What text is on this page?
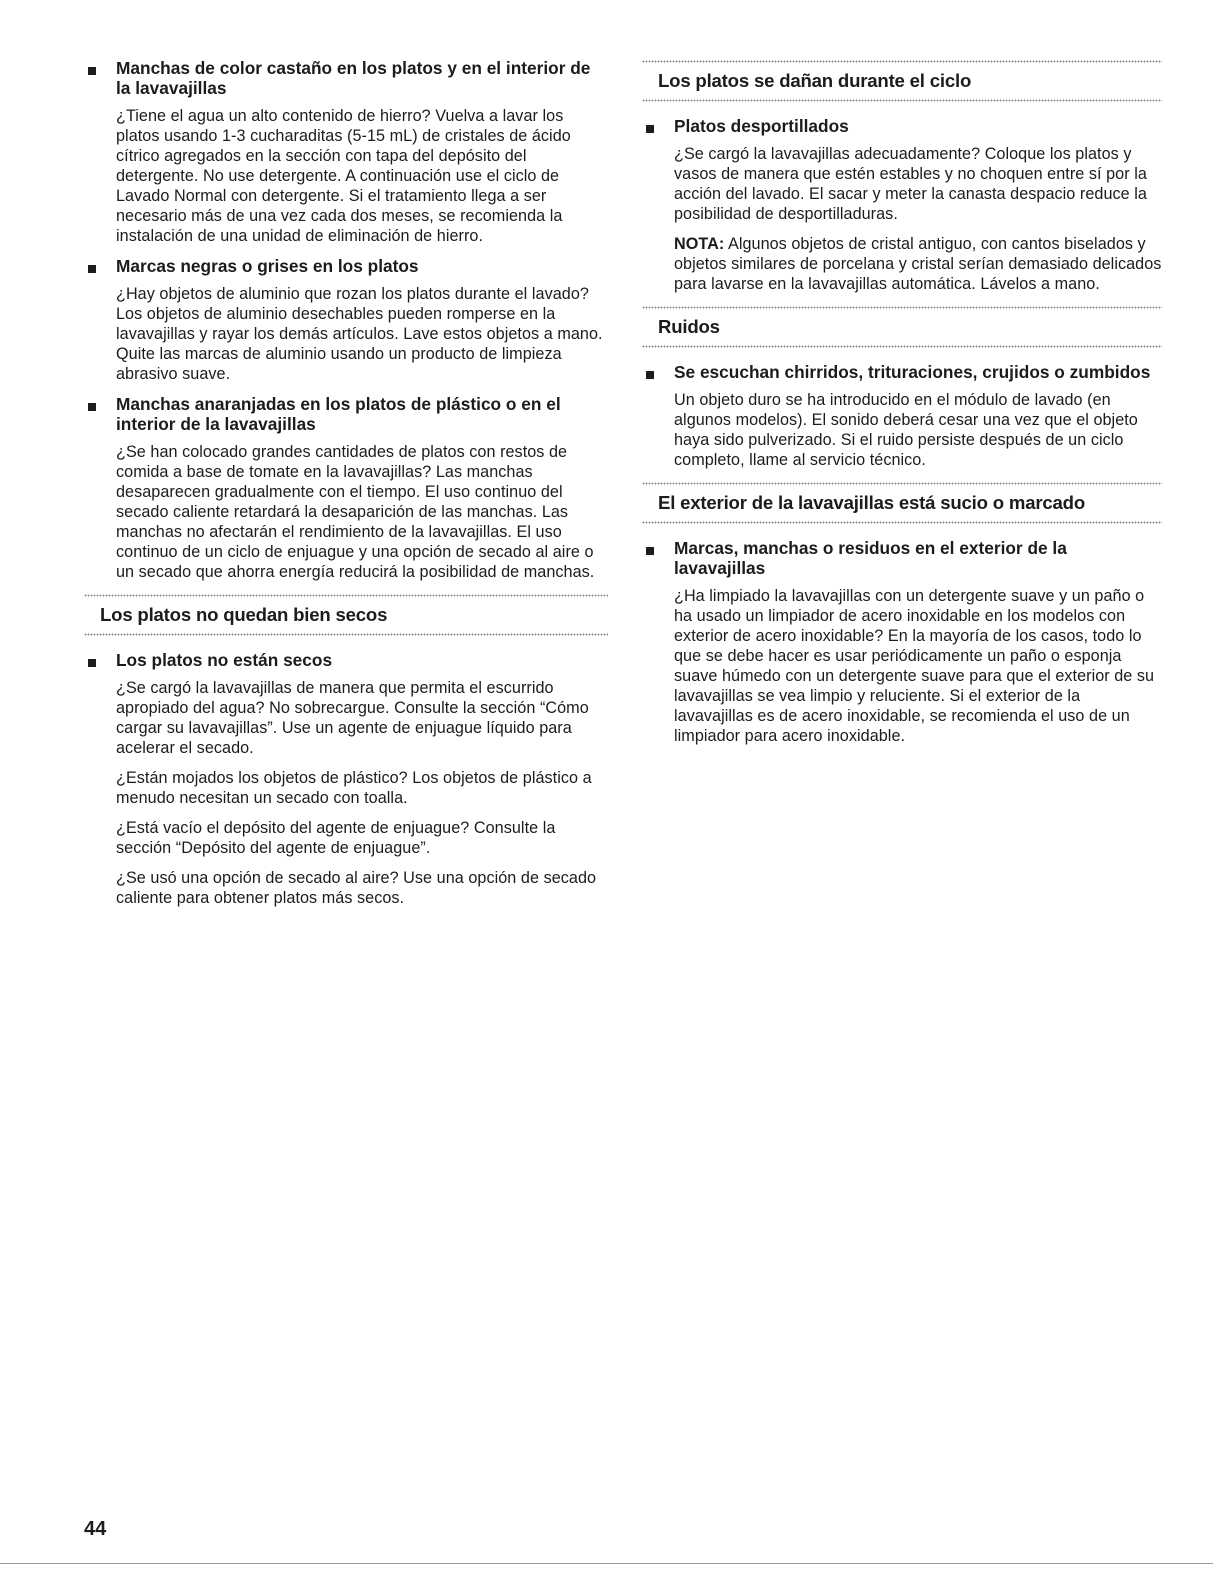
Manchas de color castaño en los platos y en el interior de la lavavajillas

¿Tiene el agua un alto contenido de hierro? Vuelva a lavar los platos usando 1-3 cucharaditas (5-15 mL) de cristales de ácido cítrico agregados en la sección con tapa del depósito del detergente. No use detergente. A continuación use el ciclo de Lavado Normal con detergente. Si el tratamiento llega a ser necesario más de una vez cada dos meses, se recomienda la instalación de una unidad de eliminación de hierro.

Marcas negras o grises en los platos

¿Hay objetos de aluminio que rozan los platos durante el lavado? Los objetos de aluminio desechables pueden romperse en la lavavajillas y rayar los demás artículos. Lave estos objetos a mano. Quite las marcas de aluminio usando un producto de limpieza abrasivo suave.

Manchas anaranjadas en los platos de plástico o en el interior de la lavavajillas

¿Se han colocado grandes cantidades de platos con restos de comida a base de tomate en la lavavajillas? Las manchas desaparecen gradualmente con el tiempo. El uso continuo del secado caliente retardará la desaparición de las manchas. Las manchas no afectarán el rendimiento de la lavavajillas. El uso continuo de un ciclo de enjuague y una opción de secado al aire o un secado que ahorra energía reducirá la posibilidad de manchas.

Los platos no quedan bien secos
Los platos no están secos

¿Se cargó la lavavajillas de manera que permita el escurrido apropiado del agua? No sobrecargue. Consulte la sección “Cómo cargar su lavavajillas”. Use un agente de enjuague líquido para acelerar el secado.

¿Están mojados los objetos de plástico? Los objetos de plástico a menudo necesitan un secado con toalla.

¿Está vacío el depósito del agente de enjuague? Consulte la sección “Depósito del agente de enjuague”.

¿Se usó una opción de secado al aire? Use una opción de secado caliente para obtener platos más secos.

Los platos se dañan durante el ciclo
Platos desportillados

¿Se cargó la lavavajillas adecuadamente? Coloque los platos y vasos de manera que estén estables y no choquen entre sí por la acción del lavado. El sacar y meter la canasta despacio reduce la posibilidad de desportilladuras.

NOTA: Algunos objetos de cristal antiguo, con cantos biselados y objetos similares de porcelana y cristal serían demasiado delicados para lavarse en la lavavajillas automática. Lávelos a mano.

Ruidos
Se escuchan chirridos, trituraciones, crujidos o zumbidos

Un objeto duro se ha introducido en el módulo de lavado (en algunos modelos). El sonido deberá cesar una vez que el objeto haya sido pulverizado. Si el ruido persiste después de un ciclo completo, llame al servicio técnico.

El exterior de la lavavajillas está sucio o marcado
Marcas, manchas o residuos en el exterior de la lavavajillas

¿Ha limpiado la lavavajillas con un detergente suave y un paño o ha usado un limpiador de acero inoxidable en los modelos con exterior de acero inoxidable? En la mayoría de los casos, todo lo que se debe hacer es usar periódicamente un paño o esponja suave húmedo con un detergente suave para que el exterior de su lavavajillas se vea limpio y reluciente. Si el exterior de la lavavajillas es de acero inoxidable, se recomienda el uso de un limpiador para acero inoxidable.

44
